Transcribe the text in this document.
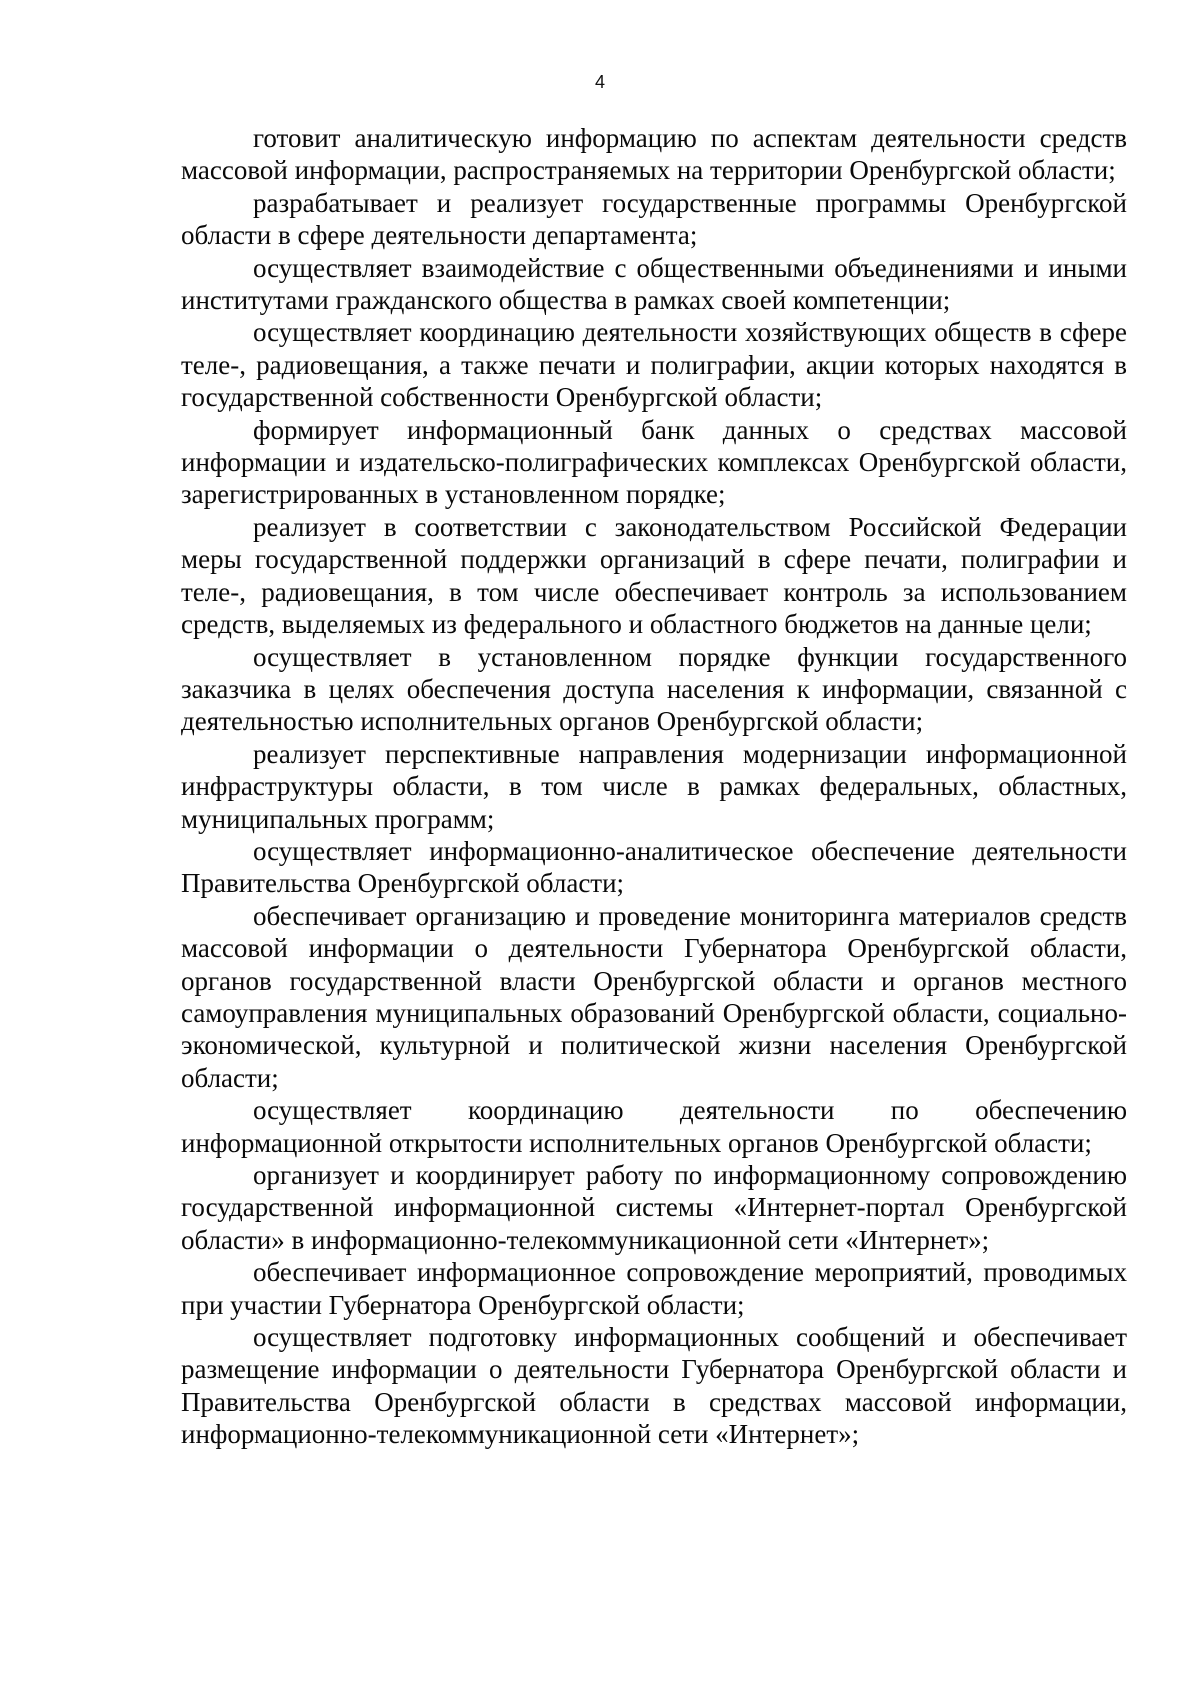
4

готовит аналитическую информацию по аспектам деятельности средств массовой информации, распространяемых на территории Оренбургской области;

разрабатывает и реализует государственные программы Оренбургской области в сфере деятельности департамента;

осуществляет взаимодействие с общественными объединениями и иными институтами гражданского общества в рамках своей компетенции;

осуществляет координацию деятельности хозяйствующих обществ в сфере теле-, радиовещания, а также печати и полиграфии, акции которых находятся в государственной собственности Оренбургской области;

формирует информационный банк данных о средствах массовой информации и издательско-полиграфических комплексах Оренбургской области, зарегистрированных в установленном порядке;

реализует в соответствии с законодательством Российской Федерации меры государственной поддержки организаций в сфере печати, полиграфии и теле-, радиовещания, в том числе обеспечивает контроль за использованием средств, выделяемых из федерального и областного бюджетов на данные цели;

осуществляет в установленном порядке функции государственного заказчика в целях обеспечения доступа населения к информации, связанной с деятельностью исполнительных органов Оренбургской области;

реализует перспективные направления модернизации информационной инфраструктуры области, в том числе в рамках федеральных, областных, муниципальных программ;

осуществляет информационно-аналитическое обеспечение деятельности Правительства Оренбургской области;

обеспечивает организацию и проведение мониторинга материалов средств массовой информации о деятельности Губернатора Оренбургской области, органов государственной власти Оренбургской области и органов местного самоуправления муниципальных образований Оренбургской области, социально-экономической, культурной и политической жизни населения Оренбургской области;

осуществляет координацию деятельности по обеспечению информационной открытости исполнительных органов Оренбургской области;

организует и координирует работу по информационному сопровождению государственной информационной системы «Интернет-портал Оренбургской области» в информационно-телекоммуникационной сети «Интернет»;

обеспечивает информационное сопровождение мероприятий, проводимых при участии Губернатора Оренбургской области;

осуществляет подготовку информационных сообщений и обеспечивает размещение информации о деятельности Губернатора Оренбургской области и Правительства Оренбургской области в средствах массовой информации, информационно-телекоммуникационной сети «Интернет»;
